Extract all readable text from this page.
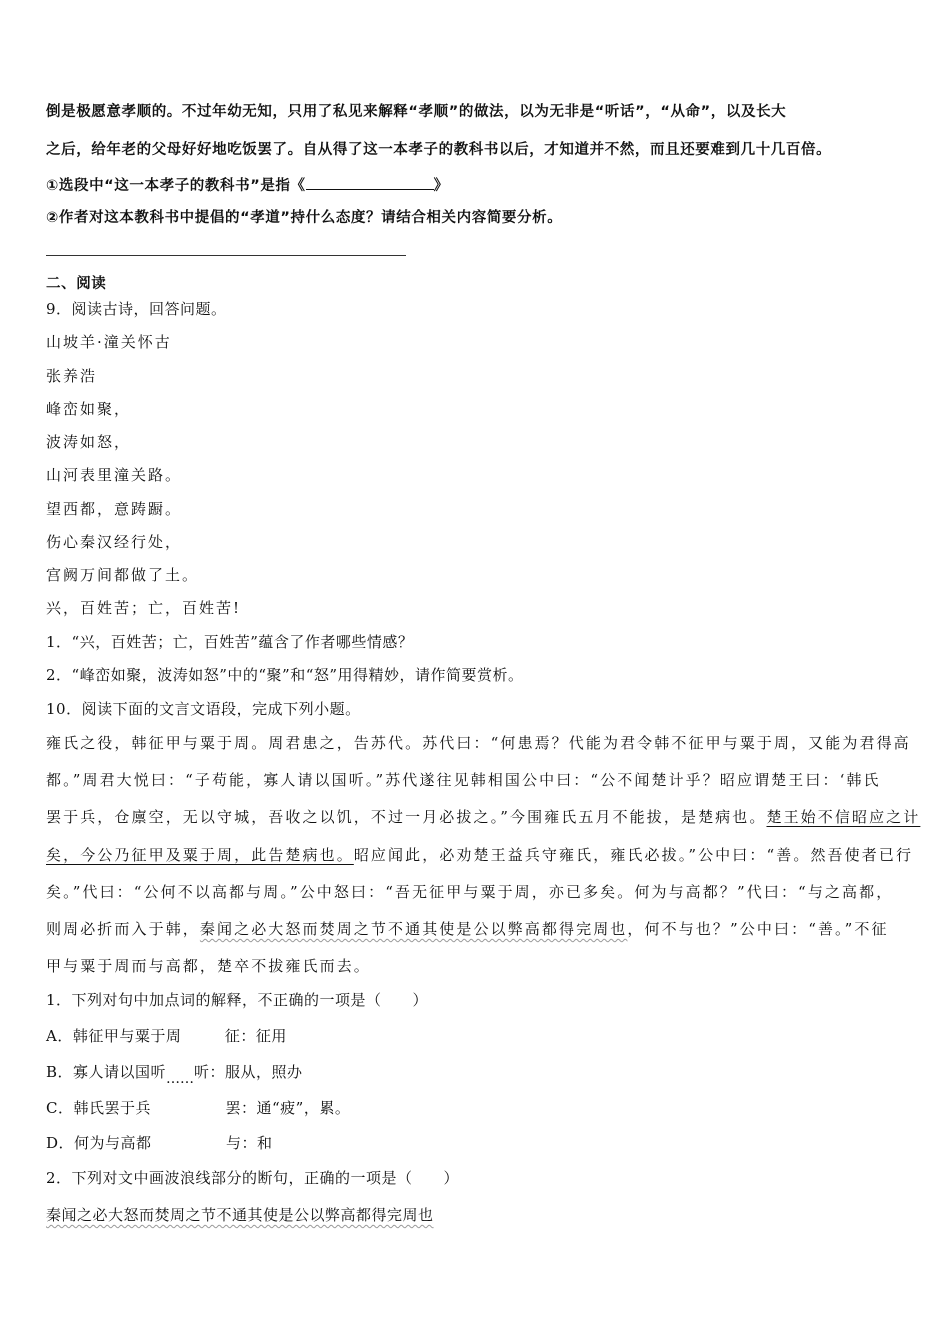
倒是极愿意孝顺的。不过年幼无知，只用了私见来解释“孝顺”的做法，以为无非是“听话”，“从命”，以及长大
之后，给年老的父母好好地吃饭罢了。自从得了这一本孝子的教科书以后，才知道并不然，而且还要难到几十几百倍。
①选段中“这一本孝子的教科书”是指《	》
②作者对这本教科书中提倡的“孝道”持什么态度？请结合相关内容简要分析。
二、阅读
9．阅读古诗，回答问题。
山坡羊·潼关怀古
张养浩
峰峦如聚，
波涛如怒，
山河表里潼关路。
望西都，意踌蹰。
伤心秦汉经行处，
宫阙万间都做了土。
兴，百姓苦；亡，百姓苦!
1．“兴，百姓苦；亡，百姓苦”蕴含了作者哪些情感？
2．“峰峦如聚，波涛如怒”中的“聚”和“怒”用得精妙，请作简要赏析。
10．阅读下面的文言文语段，完成下列小题。
雍氏之役，韩征甲与粟于周。周君患之，告苏代。苏代曰：“何患焉？代能为君令韩不征甲与粟于周，又能为君得高
都。”周君大悦曰：“子苟能，寡人请以国听。”苏代遂往见韩相国公中曰：“公不闻楚计乎？昭应谓楚王曰：‘韩氏
罢于兵，仓廪空，无以守城，吾收之以饥，不过一月必拔之。”今围雍氏五月不能拔，是楚病也。楚王始不信昭应之计
矣，今公乃征甲及粟于周，此告楚病也。昭应闻此，必劝楚王益兵守雍氏，雍氏必拔。”公中曰：“善。然吾使者已行
矣。”代曰：“公何不以高都与周。”公中怒曰：“吾无征甲与粟于周，亦已多矣。何为与高都？”代曰：“与之高都，
则周必折而入于韩，秦闻之必大怒而焚周之节不通其使是公以弊高都得完周也，何不与也？”公中曰：“善。”不征
甲与粟于周而与高都，楚卒不拔雍氏而去。
1．下列对句中加点词的解释，不正确的一项是（　　）
A．韩征甲与粟于周	征：征用
B．寡人请以国听……听：服从，照办
C．韩氏罢于兵	罢：通“疲”，累。
D．何为与高都	与：和
2．下列对文中画波浪线部分的断句，正确的一项是（　　）
秦闻之必大怒而焚周之节不通其使是公以弊高都得完周也
